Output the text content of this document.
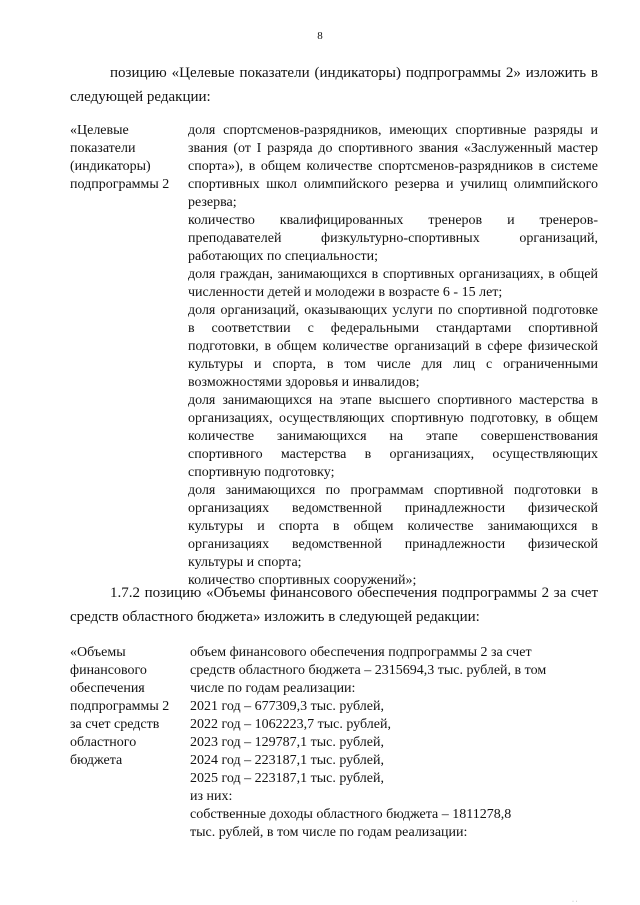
8

позицию «Целевые показатели (индикаторы) подпрограммы 2» изложить в следующей редакции:

«Целевые
показатели
(индикаторы)
подпрограммы 2
доля спортсменов-разрядников, имеющих спортивные разряды и звания (от I разряда до спортивного звания «Заслуженный мастер спорта»), в общем количестве спортсменов-разрядников в системе спортивных школ олимпийского резерва и училищ олимпийского резерва;
количество квалифицированных тренеров и тренеров-преподавателей физкультурно-спортивных организаций, работающих по специальности;
доля граждан, занимающихся в спортивных организациях, в общей численности детей и молодежи в возрасте 6 - 15 лет;
доля организаций, оказывающих услуги по спортивной подготовке в соответствии с федеральными стандартами спортивной подготовки, в общем количестве организаций в сфере физической культуры и спорта, в том числе для лиц с ограниченными возможностями здоровья и инвалидов;
доля занимающихся на этапе высшего спортивного мастерства в организациях, осуществляющих спортивную подготовку, в общем количестве занимающихся на этапе совершенствования спортивного мастерства в организациях, осуществляющих спортивную подготовку;
доля занимающихся по программам спортивной подготовки в организациях ведомственной принадлежности физической культуры и спорта в общем количестве занимающихся в организациях ведомственной принадлежности физической культуры и спорта;
количество спортивных сооружений»;

1.7.2 позицию «Объемы финансового обеспечения подпрограммы 2 за счет средств областного бюджета» изложить в следующей редакции:

«Объемы
финансового
обеспечения
подпрограммы 2
за счет средств
областного
бюджета
объем финансового обеспечения подпрограммы 2 за счет
средств областного бюджета – 2315694,3 тыс. рублей, в том
числе по годам реализации:
2021 год – 677309,3 тыс. рублей,
2022 год – 1062223,7 тыс. рублей,
2023 год – 129787,1 тыс. рублей,
2024 год – 223187,1 тыс. рублей,
2025 год – 223187,1 тыс. рублей,
из них:
собственные доходы областного бюджета – 1811278,8
тыс. рублей, в том числе по годам реализации:
· ·
